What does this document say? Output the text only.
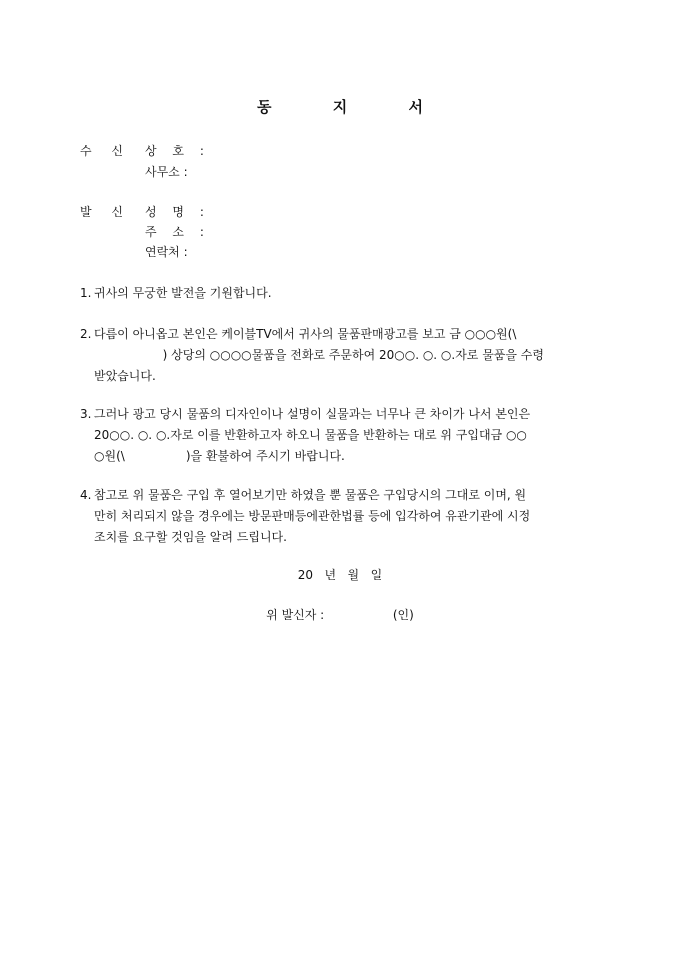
동 지 서
수 신 상 호 :
사무소 :
발 신 성 명 :
주 소 :
연락처 :
1. 귀사의 무궁한 발전을 기원합니다.
2. 다름이 아니옵고 본인은 케이블TV에서 귀사의 물품판매광고를 보고 금 ○○○원(\
) 상당의 ○○○○물품을 전화로 주문하여 20○○. ○. ○.자로 물품을 수령
받았습니다.
3. 그러나 광고 당시 물품의 디자인이나 설명이 실물과는 너무나 큰 차이가 나서 본인은
20○○. ○. ○.자로 이를 반환하고자 하오니 물품을 반환하는 대로 위 구입대금 ○○
○원(\                )을 환불하여 주시기 바랍니다.
4. 참고로 위 물품은 구입 후 열어보기만 하였을 뿐 물품은 구입당시의 그대로 이며, 원
만히 처리되지 않을 경우에는 방문판매등에관한법률 등에 입각하여 유관기관에 시정
조치를 요구할 것임을 알려 드립니다.
20   년   월   일
위 발신자 :                  (인)
